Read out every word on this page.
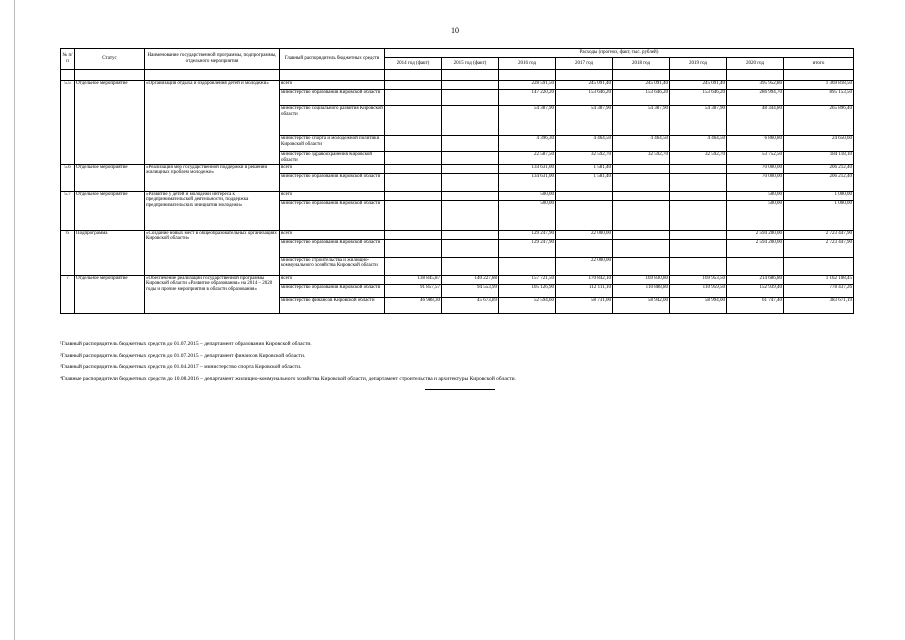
10
№ п/п	Статус	Наименование государственной программы, подпрограммы, отдельного мероприятия	Главный распорядитель бюджетных средств	Расходы (прогноз, факт, тыс. рублей)							
				2014 год (факт)	2015 год (факт)	2016 год	2017 год	2018 год	2019 год	2020 год	итого

5.5	Отдельное мероприятие	«Организация отдыха и оздоровления детей и молодежи»	всего			228 591,50	245 091,40	245 091,40	245 091,40	395 952,80	1 369 818,50
			министерство образования Кировской области			147 220,20	153 646,20	153 646,20	153 646,20	286 994,70	895 153,50
			министерство социального развития Кировской области			54 387,90	54 387,90	54 387,90	54 387,90	48 344,80	265 896,40
			министерство спорта и молодежной политики Кировской области			4 396,30	4 464,50	4 464,50	4 464,50	6 860,80	24 650,60
			министерство здравоохранения Кировской области			22 587,50	32 592,70	32 592,70	32 592,70	53 752,50	184 118,10
5.6	Отдельное мероприятие	«Реализация мер государственной поддержки в решении жилищных проблем молодежи»	всего			134 631,00	1 581,40			70 000,00	206 212,40
			министерство образования Кировской области			134 631,00	1 581,40			70 000,00	206 212,40
5.7	Отдельное мероприятие	«Развитие у детей и молодежи интереса к предпринимательской деятельности, поддержка предпринимательских инициатив молодежи»	всего			500,00				500,00	1 000,00
			министерство образования Кировской области			500,00				500,00	1 000,00
6	Подпрограмма	«Создание новых мест в общеобразовательных организациях Кировской области»	всего			129 247,90	22 000,00			2 594 200,00	2 723 447,90
			министерство образования Кировской области			129 247,90				2 594 200,00	2 723 447,90
			министерство строительства и жилищно-коммунального хозяйства Кировской области				22 000,00				
7	Отдельное мероприятие	«Обеспечение реализации государственной программы Кировской области «Развитие образования» на 2014 – 2020 годы и прочие мероприятия в области образования»	всего	138 845,87	140 227,88	157 721,50	170 842,10	169 830,80	169 953,50	214 686,80	1 162 108,45
			министерство образования Кировской области	91 857,57	94 553,99	105 126,90	112 111,10	110 888,80	110 959,50	152 939,40	778 437,26
			министерство финансов Кировской области	46 988,30	45 673,89	52 594,60	58 731,00	58 942,00	58 994,00	61 747,40	383 671,19
¹Главный распорядитель бюджетных средств до 01.07.2015 – департамент образования Кировской области.
²Главный распорядитель бюджетных средств до 01.07.2015 – департамент финансов Кировской области.
³Главный распорядитель бюджетных средств до 01.04.2017 – министерство спорта Кировской области.
⁴Главные распорядители бюджетных средств до 10.08.2016 – департамент жилищно-коммунального хозяйства Кировской области, департамент строительства и архитектуры Кировской области.
